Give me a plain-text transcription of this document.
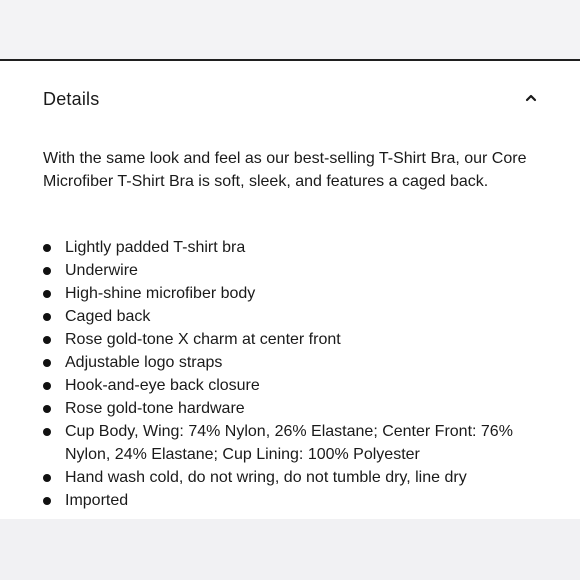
Details

With the same look and feel as our best-selling T-Shirt Bra, our Core Microfiber T-Shirt Bra is soft, sleek, and features a caged back.

Lightly padded T-shirt bra
Underwire
High-shine microfiber body
Caged back
Rose gold-tone X charm at center front
Adjustable logo straps
Hook-and-eye back closure
Rose gold-tone hardware
Cup Body, Wing: 74% Nylon, 26% Elastane; Center Front: 76% Nylon, 24% Elastane; Cup Lining: 100% Polyester
Hand wash cold, do not wring, do not tumble dry, line dry
Imported
